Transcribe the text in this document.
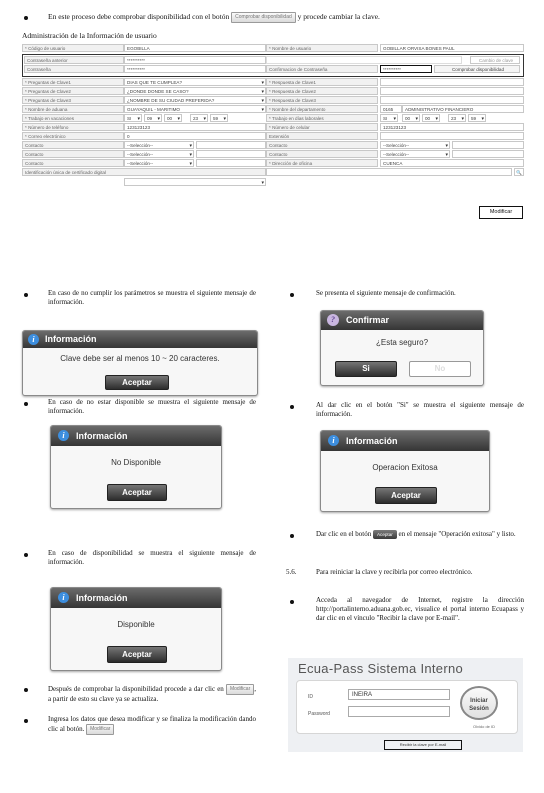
En este proceso debe comprobar disponibilidad con el botón Comprobar disponibilidad y procede cambiar la clave.
Administración de la Información de usuario
* Código de usuario	EGOBILLA	* Nombre de usuario	GOBILLAR ORVISA BONES PAUL
Contraseña anterior	**********	Cambio de clave
Contraseña	**********	Confirmacion de Contraseña	**********	Comprobar disponibilidad
* Preguntas de Clave1	DIAS QUE TE CUMPLEA? ▾	* Respuesta de Clave1
* Preguntas de Clave2	¿DONDE DONDE SE CASO? ▾	* Respuesta de Clave2
* Preguntas de Clave3	¿NOMBRE DE SU CIUDAD PREFERIDA? ▾	* Respuesta de Clave3
* Nombre de aduana	GUAYAQUIL - MARITIMO ▾	* Nombre del departamento	0165	ADMINISTRATIVO FINANCIERO
* Trabajo en vacaciones	SI ▾	09 ▾	00 ▾	23 ▾	59 ▾	* Trabajo en días laborales	SI ▾	00 ▾	00 ▾	23 ▾	59 ▾
* Número de teléfono	123123123	* Número de celular	123123123
* Correo electrónico	0	Extensión
Contacto	--Selección-- ▾	Contacto	--Selección-- ▾
Contacto	--Selección-- ▾	Contacto	--Selección-- ▾
Contacto	--Selección-- ▾	* Dirección de oficina	CUENCA
Identificación única de certificado digital	🔍
▾
Modificar
En caso de no cumplir los parámetros se muestra el siguiente mensaje de información.
i	Información
Clave debe ser al menos 10 ~ 20 caracteres.
Aceptar
En caso de no estar disponible se muestra el siguiente mensaje de información.
i	Información
No Disponible
Aceptar
En caso de disponibilidad se muestra el siguiente mensaje de información.
i	Información
Disponible
Aceptar
Después de comprobar la disponibilidad procede a dar clic en Modificar , a partir de esto su clave ya se actualiza.
Ingresa los datos que desea modificar y se finaliza la modificación dando clic al botón. Modificar
Se presenta el siguiente mensaje de confirmación.
?	Confirmar
¿Esta seguro?
Si	No
Al dar clic en el botón "Si" se muestra el siguiente mensaje de información.
i	Información
Operacion Exitosa
Aceptar
Dar clic en el botón Aceptar en el mensaje "Operación exitosa" y listo.
5.6.	Para reiniciar la clave y recibirla por correo electrónico.
Acceda al navegador de Internet, registre la dirección http://portalinterno.aduana.gob.ec, visualice el portal interno Ecuapass y dar clic en el vínculo "Recibir la clave por E-mail".
Ecua-Pass Sistema Interno
ID	INEIRA
Password
Iniciar Sesión
Olvido de ID
Recibir la clave por E-mail
